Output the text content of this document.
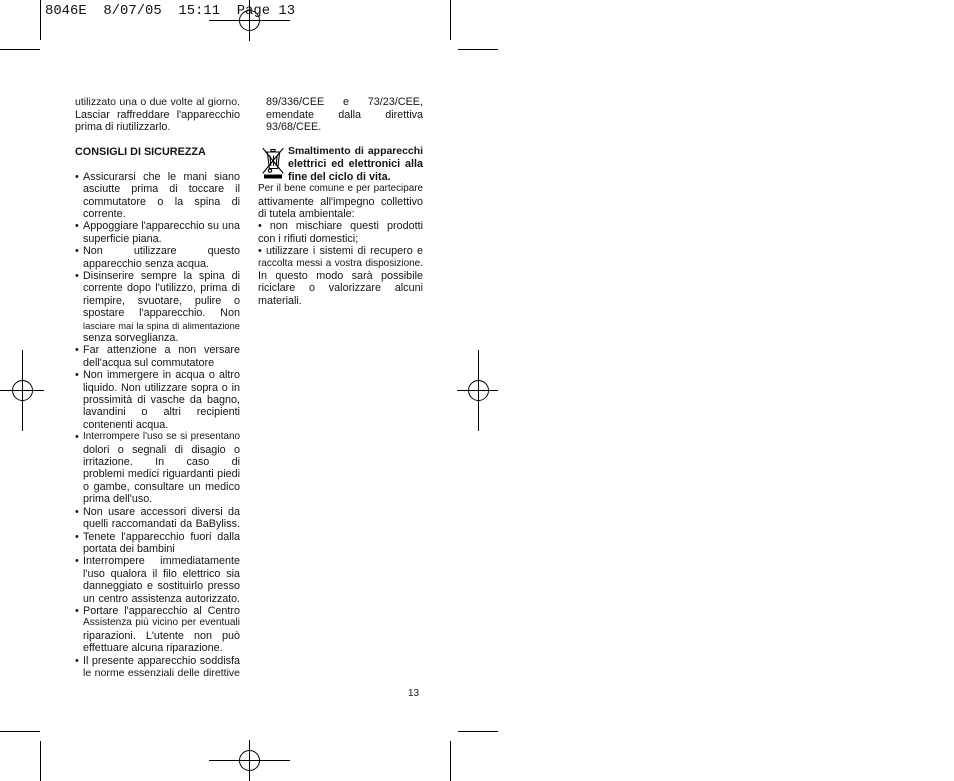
8046E  8/07/05  15:11  Page 13
utilizzato una o due volte al giorno.
Lasciar raffreddare l'apparecchio
prima di riutilizzarlo.
CONSIGLI DI SICUREZZA
• Assicurarsi che le mani siano
asciutte prima di toccare il
commutatore o la spina di
corrente.
• Appoggiare l'apparecchio su una
superficie piana.
• Non utilizzare questo
apparecchio senza acqua.
• Disinserire sempre la spina di
corrente dopo l'utilizzo, prima di
riempire, svuotare, pulire o
spostare l'apparecchio. Non
lasciare mai la spina di alimentazione
senza sorveglianza.
• Far attenzione a non versare
dell'acqua sul commutatore
• Non immergere in acqua o altro
liquido. Non utilizzare sopra o in
prossimità di vasche da bagno,
lavandini o altri recipienti
contenenti acqua.
• Interrompere l'uso se si presentano
dolori o segnali di disagio o
irritazione. In caso di
problemi medici riguardanti piedi
o gambe, consultare un medico
prima dell'uso.
• Non usare accessori diversi da
quelli raccomandati da BaByliss.
• Tenete l'apparecchio fuori dalla
portata dei bambini
• Interrompere immediatamente
l'uso qualora il filo elettrico sia
danneggiato e sostituirlo presso
un centro assistenza autorizzato.
• Portare l'apparecchio al Centro
Assistenza più vicino per eventuali
riparazioni. L'utente non può
effettuare alcuna riparazione.
• Il presente apparecchio soddisfa
le norme essenziali delle direttive
89/336/CEE e 73/23/CEE,
emendate dalla direttiva
93/68/CEE.
Smaltimento di apparecchi
elettrici ed elettronici alla
fine del ciclo di vita.
Per il bene comune e per partecipare
attivamente all'impegno collettivo
di tutela ambientale:
• non mischiare questi prodotti
con i rifiuti domestici;
• utilizzare i sistemi di recupero e
raccolta messi a vostra disposizione.
In questo modo sarà possibile
riciclare o valorizzare alcuni
materiali.
13
